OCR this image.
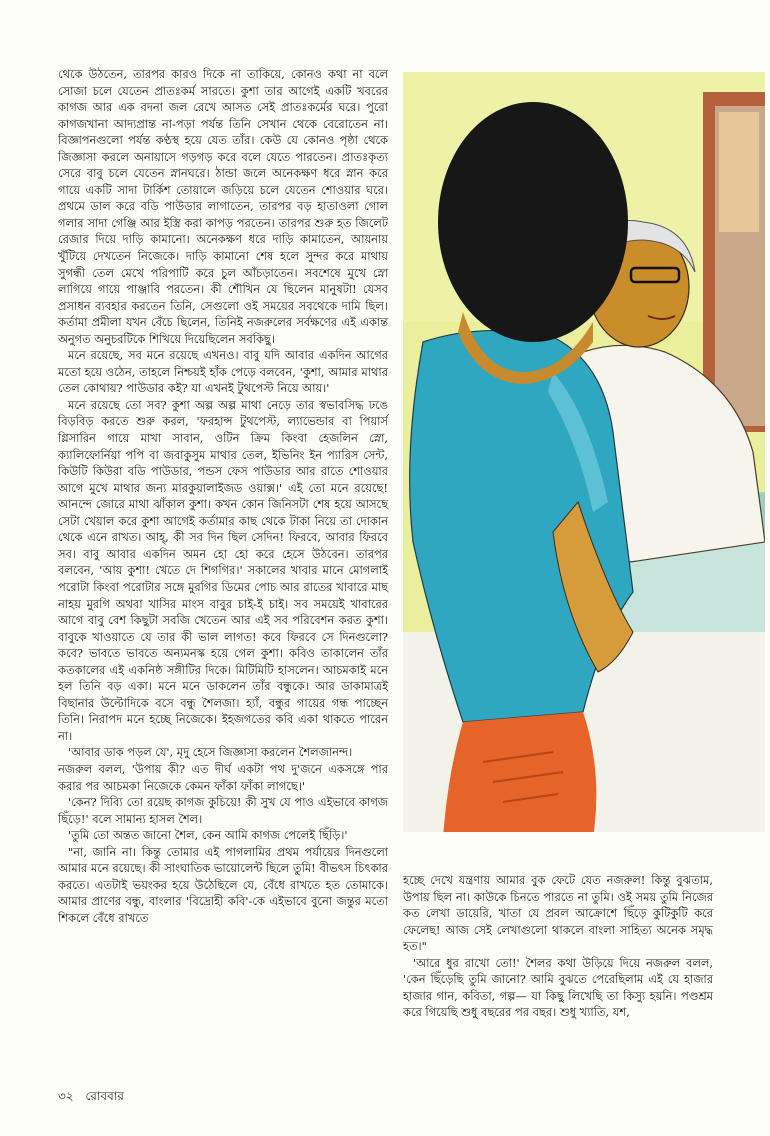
থেকে উঠতেন, তারপর কারও দিকে না তাকিয়ে, কোনও কথা না বলে সোজা চলে যেতেন প্রাতঃকর্ম সারতে। কুশা তার আগেই একটি খবরের কাগজ আর এক বদনা জল রেখে আসত সেই প্রাতঃকর্মের ঘরে। পুরো কাগজখানা আদ্যপ্রান্ত না-পড়া পর্যন্ত তিনি সেখান থেকে বেরোতেন না। বিজ্ঞাপনগুলো পর্যন্ত কণ্ঠস্থ হয়ে যেত তাঁর। কেউ যে কোনও পৃষ্ঠা থেকে জিজ্ঞাসা করলে অনায়াসে গড়গড় করে বলে যেতে পারতেন। প্রাতঃকৃত্য সেরে বাবু চলে যেতেন স্নানঘরে। ঠান্ডা জলে অনেকক্ষণ ধরে স্নান করে গায়ে একটি সাদা টার্কিশ তোয়ালে জড়িয়ে চলে যেতেন শোওয়ার ঘরে। প্রথমে ডাল করে বডি পাউডার লাগাতেন, তারপর বড় হাতাওলা গোল গলার সাদা গেঞ্জি আর ইস্ত্রি করা কাপড় পরতেন। তারপর শুরু হত জিলেট রেজার দিয়ে দাড়ি কামানো। অনেকক্ষণ ধরে দাড়ি কামাতেন, আয়নায় খুঁটিয়ে দেখতেন নিজেকে। দাড়ি কামানো শেষ হলে সুন্দর করে মাথায় সুগন্ধী তেল মেখে পরিপাটি করে চুল আঁচড়াতেন। সবশেষে মুখে স্নো লাগিয়ে গায়ে পাঞ্জাবি পরতেন। কী শৌখিন যে ছিলেন মানুষটা! যেসব প্রসাধন ব্যবহার করতেন তিনি, সেগুলো ওই সময়ের সবথেকে দামি ছিল। কর্তামা প্রমীলা যখন বেঁচে ছিলেন, তিনিই নজরুলের সর্বক্ষণের এই একান্ত অনুগত অনুচরটিকে শিখিয়ে দিয়েছিলেন সবকিছু।

মনে রয়েছে, সব মনে রয়েছে এখনও। বাবু যদি আবার একদিন আগের মতো হয়ে ওঠেন, তাহলে নিশ্চয়ই হাঁক পেড়ে বলবেন, 'কুশা, আমার মাথার তেল কোথায়? পাউডার কই? যা এখনই টুথপেস্ট নিয়ে আয়।'

মনে রয়েছে তো সব? কুশা অল্প অল্প মাথা নেড়ে তার স্বভাবসিদ্ধ ঢঙে বিড়বিড় করতে শুরু করল, 'ফরহান্স টুথপেস্ট, ল্যাভেন্ডার বা পিয়ার্স গ্লিসারিন গায়ে মাখা সাবান, ওটিন ক্রিম কিংবা হেজলিন স্নো, ক্যালিফোর্নিয়া পপি বা জবাকুসুম মাথার তেল, ইভিনিং ইন প্যারিস সেন্ট, কিউটি কিউরা বডি পাউডার, পন্ডস ফেস পাউডার আর রাতে শোওয়ার আগে মুখে মাথার জন্য মারকুয়ালাইজড ওয়াক্স।' এই তো মনে রয়েছে! আনন্দে জোরে মাথা ঝাঁকাল কুশা। কখন কোন জিনিসটা শেষ হয়ে আসছে সেটা খেয়াল করে কুশা আগেই কর্তামার কাছ থেকে টাকা নিয়ে তা দোকান থেকে এনে রাখত। আহ্, কী সব দিন ছিল সেদিন! ফিরবে, আবার ফিরবে সব। বাবু আবার একদিন অমন হো হো করে হেসে উঠবেন। তারপর বলবেন, 'আয় কুশা! খেতে দে শিগগির।' সকালের খাবার মানে মোগলাই পরোটা কিংবা পরোটার সঙ্গে মুরগির ডিমের পোচ আর রাতের খাবারে মাছ নাহয় মুরগি অথবা খাসির মাংস বাবুর চাই-ই চাই। সব সময়েই খাবারের আগে বাবু বেশ কিছুটা সবজি খেতেন আর এই সব পরিবেশন করত কুশা। বাবুকে খাওয়াতে যে তার কী ভাল লাগত! কবে ফিরবে সে দিনগুলো? কবে? ভাবতে ভাবতে অন্যমনস্ক হয়ে গেল কুশা। কবিও তাকালেন তাঁর কতকালের এই একনিষ্ঠ সঙ্গীটির দিকে। মিটিমিটি হাসলেন। আচমকাই মনে হল তিনি বড় একা। মনে মনে ডাকলেন তাঁর বন্ধুকে। আর ডাকামাত্রই বিছানার উল্টোদিকে বসে বন্ধু শৈলজা। হ্যাঁ, বন্ধুর গায়ের গন্ধ পাচ্ছেন তিনি। নিরাপদ মনে হচ্ছে নিজেকে। ইহজগতের কবি একা থাকতে পারেন না।

'আবার ডাক পড়ল যে', মৃদু হেসে জিজ্ঞাসা করলেন শৈলজানন্দ।

নজরুল বলল, 'উপায় কী? এত দীর্ঘ একটা পথ দু'জনে একসঙ্গে পার করার পর আচমকা নিজেকে কেমন ফাঁকা ফাঁকা লাগছে।'

'কেন? দিব্যি তো রয়েছ কাগজ কুচিয়ে! কী সুখ যে পাও এইভাবে কাগজ ছিঁড়ে!' বলে সামান্য হাসল শৈল।

'তুমি তো অন্তত জানো শৈল, কেন আমি কাগজ পেলেই ছিঁড়ি।'

"না, জানি না। কিন্তু তোমার এই পাগলামির প্রথম পর্যায়ের দিনগুলো আমার মনে রয়েছে। কী সাংঘাতিক ভায়োলেন্ট ছিলে তুমি! বীভৎস চিৎকার করতে। এতটাই ভয়ংকর হয়ে উঠেছিলে যে, বেঁধে রাখতে হত তোমাকে। আমার প্রাণের বন্ধু, বাংলার 'বিদ্রোহী কবি'-কে এইভাবে বুনো জন্তুর মতো শিকলে বেঁধে রাখতে

হচ্ছে দেখে যন্ত্রণায় আমার বুক ফেটে যেত নজরুল! কিন্তু বুঝতাম, উপায় ছিল না। কাউকে চিনতে পারতে না তুমি। ওই সময় তুমি নিজের কত লেখা ডায়েরি, খাতা যে প্রবল আক্রোশে ছিঁড়ে কুটিকুটি করে ফেলেছ! আজ সেই লেখাগুলো থাকলে বাংলা সাহিত্য অনেক সমৃদ্ধ হত।"

'আরে ধুর রাখো তো!' শৈলর কথা উড়িয়ে দিয়ে নজরুল বলল, 'কেন ছিঁড়েছি তুমি জানো? আমি বুঝতে পেরেছিলাম এই যে হাজার হাজার গান, কবিতা, গল্প— যা কিছু লিখেছি তা কিস্যু হয়নি। পণ্ডশ্রম করে গিয়েছি শুধু বছরের পর বছর। শুধু খ্যাতি, যশ,

৩২ রোববার
